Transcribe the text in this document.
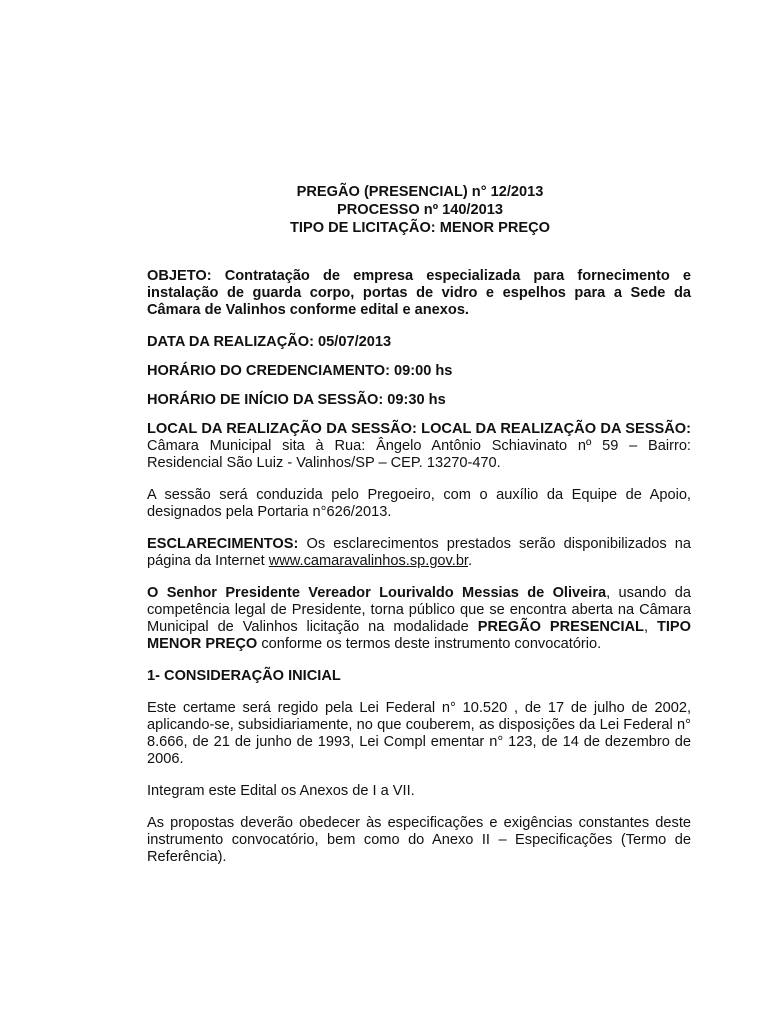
PREGÃO (PRESENCIAL) n° 12/2013
PROCESSO nº 140/2013
TIPO DE LICITAÇÃO: MENOR PREÇO

OBJETO: Contratação de empresa especializada para fornecimento e instalação de guarda corpo, portas de vidro e espelhos para a Sede da Câmara de Valinhos conforme edital e anexos.

DATA DA REALIZAÇÃO: 05/07/2013

HORÁRIO DO CREDENCIAMENTO: 09:00 hs

HORÁRIO DE INÍCIO DA SESSÃO: 09:30 hs

LOCAL DA REALIZAÇÃO DA SESSÃO: LOCAL DA REALIZAÇÃO DA SESSÃO: Câmara Municipal sita à Rua: Ângelo Antônio Schiavinato nº 59 – Bairro: Residencial São Luiz - Valinhos/SP – CEP. 13270-470.

A sessão será conduzida pelo Pregoeiro, com o auxílio da Equipe de Apoio, designados pela Portaria n°626/2013.

ESCLARECIMENTOS: Os esclarecimentos prestados serão disponibilizados na página da Internet www.camaravalinhos.sp.gov.br.

O Senhor Presidente Vereador Lourivaldo Messias de Oliveira, usando da competência legal de Presidente, torna público que se encontra aberta na Câmara Municipal de Valinhos licitação na modalidade PREGÃO PRESENCIAL, TIPO MENOR PREÇO conforme os termos deste instrumento convocatório.

1- CONSIDERAÇÃO INICIAL

Este certame será regido pela Lei Federal n° 10.520 , de 17 de julho de 2002, aplicando-se, subsidiariamente, no que couberem, as disposições da Lei Federal n° 8.666, de 21 de junho de 1993, Lei Compl ementar n° 123, de 14 de dezembro de 2006.

Integram este Edital os Anexos de I a VII.

As propostas deverão obedecer às especificações e exigências constantes deste instrumento convocatório, bem como do Anexo II – Especificações (Termo de Referência).
